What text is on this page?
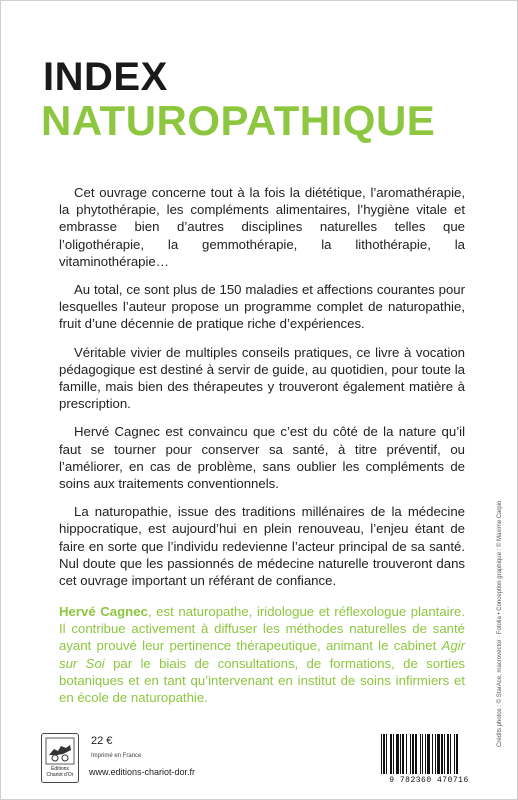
INDEX
NATUROPATHIQUE

Cet ouvrage concerne tout à la fois la diététique, l’aromathérapie, la phytothérapie, les compléments alimentaires, l’hygiène vitale et embrasse bien d’autres disciplines naturelles telles que l’oligothérapie, la gemmothérapie, la lithothérapie, la vitaminothérapie…

Au total, ce sont plus de 150 maladies et affections courantes pour lesquelles l’auteur propose un programme complet de naturopathie, fruit d’une décennie de pratique riche d’expériences.

Véritable vivier de multiples conseils pratiques, ce livre à vocation pédagogique est destiné à servir de guide, au quotidien, pour toute la famille, mais bien des thérapeutes y trouveront également matière à prescription.

Hervé Cagnec est convaincu que c’est du côté de la nature qu’il faut se tourner pour conserver sa santé, à titre préventif, ou l’améliorer, en cas de problème, sans oublier les compléments de soins aux traitements conventionnels.

La naturopathie, issue des traditions millénaires de la médecine hippocratique, est aujourd’hui en plein renouveau, l’enjeu étant de faire en sorte que l’individu redevienne l’acteur principal de sa santé. Nul doute que les passionnés de médecine naturelle trouveront dans cet ouvrage important un référant de confiance.

Hervé Cagnec, est naturopathe, iridologue et réflexologue plantaire. Il contribue activement à diffuser les méthodes naturelles de santé ayant prouvé leur pertinence thérapeutique, animant le cabinet Agir sur Soi par le biais de consultations, de formations, de sorties botaniques et en tant qu’intervenant en institut de soins infirmiers et en école de naturopathie.	Crédits photos : © StarAce, macrovector · Fotolia • Conception graphique : © Maxime Carpio
Éditions
Chariot d’Or
22 €
Imprimé en France
www.editions-chariot-dor.fr
9 782360 470716
